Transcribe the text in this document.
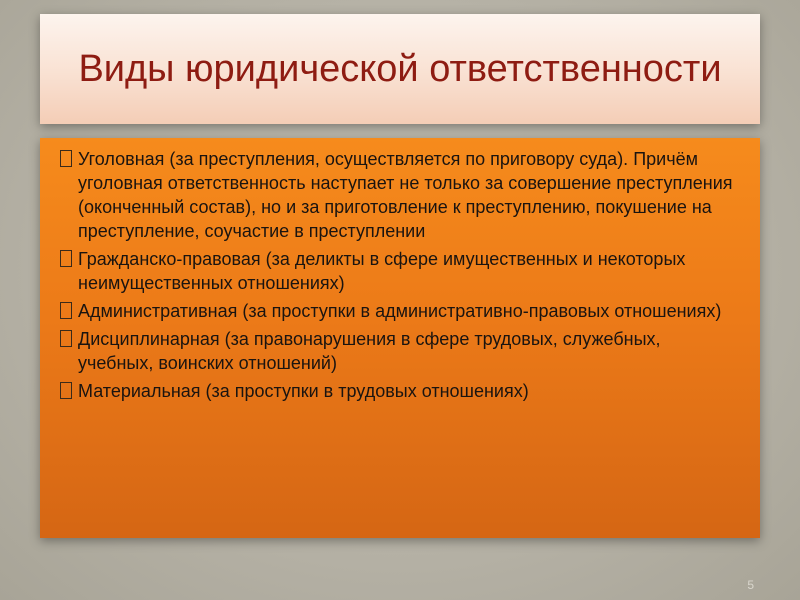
Виды юридической ответственности
Уголовная (за преступления, осуществляется по приговору суда). Причём уголовная ответственность наступает не только за совершение преступления (оконченный состав), но и за приготовление к преступлению, покушение на преступление, соучастие в преступлении
Гражданско-правовая (за деликты в сфере имущественных и некоторых неимущественных отношениях)
Административная (за проступки в административно-правовых отношениях)
Дисциплинарная (за правонарушения в сфере трудовых, служебных, учебных, воинских отношений)
Материальная (за проступки в трудовых отношениях)
5
